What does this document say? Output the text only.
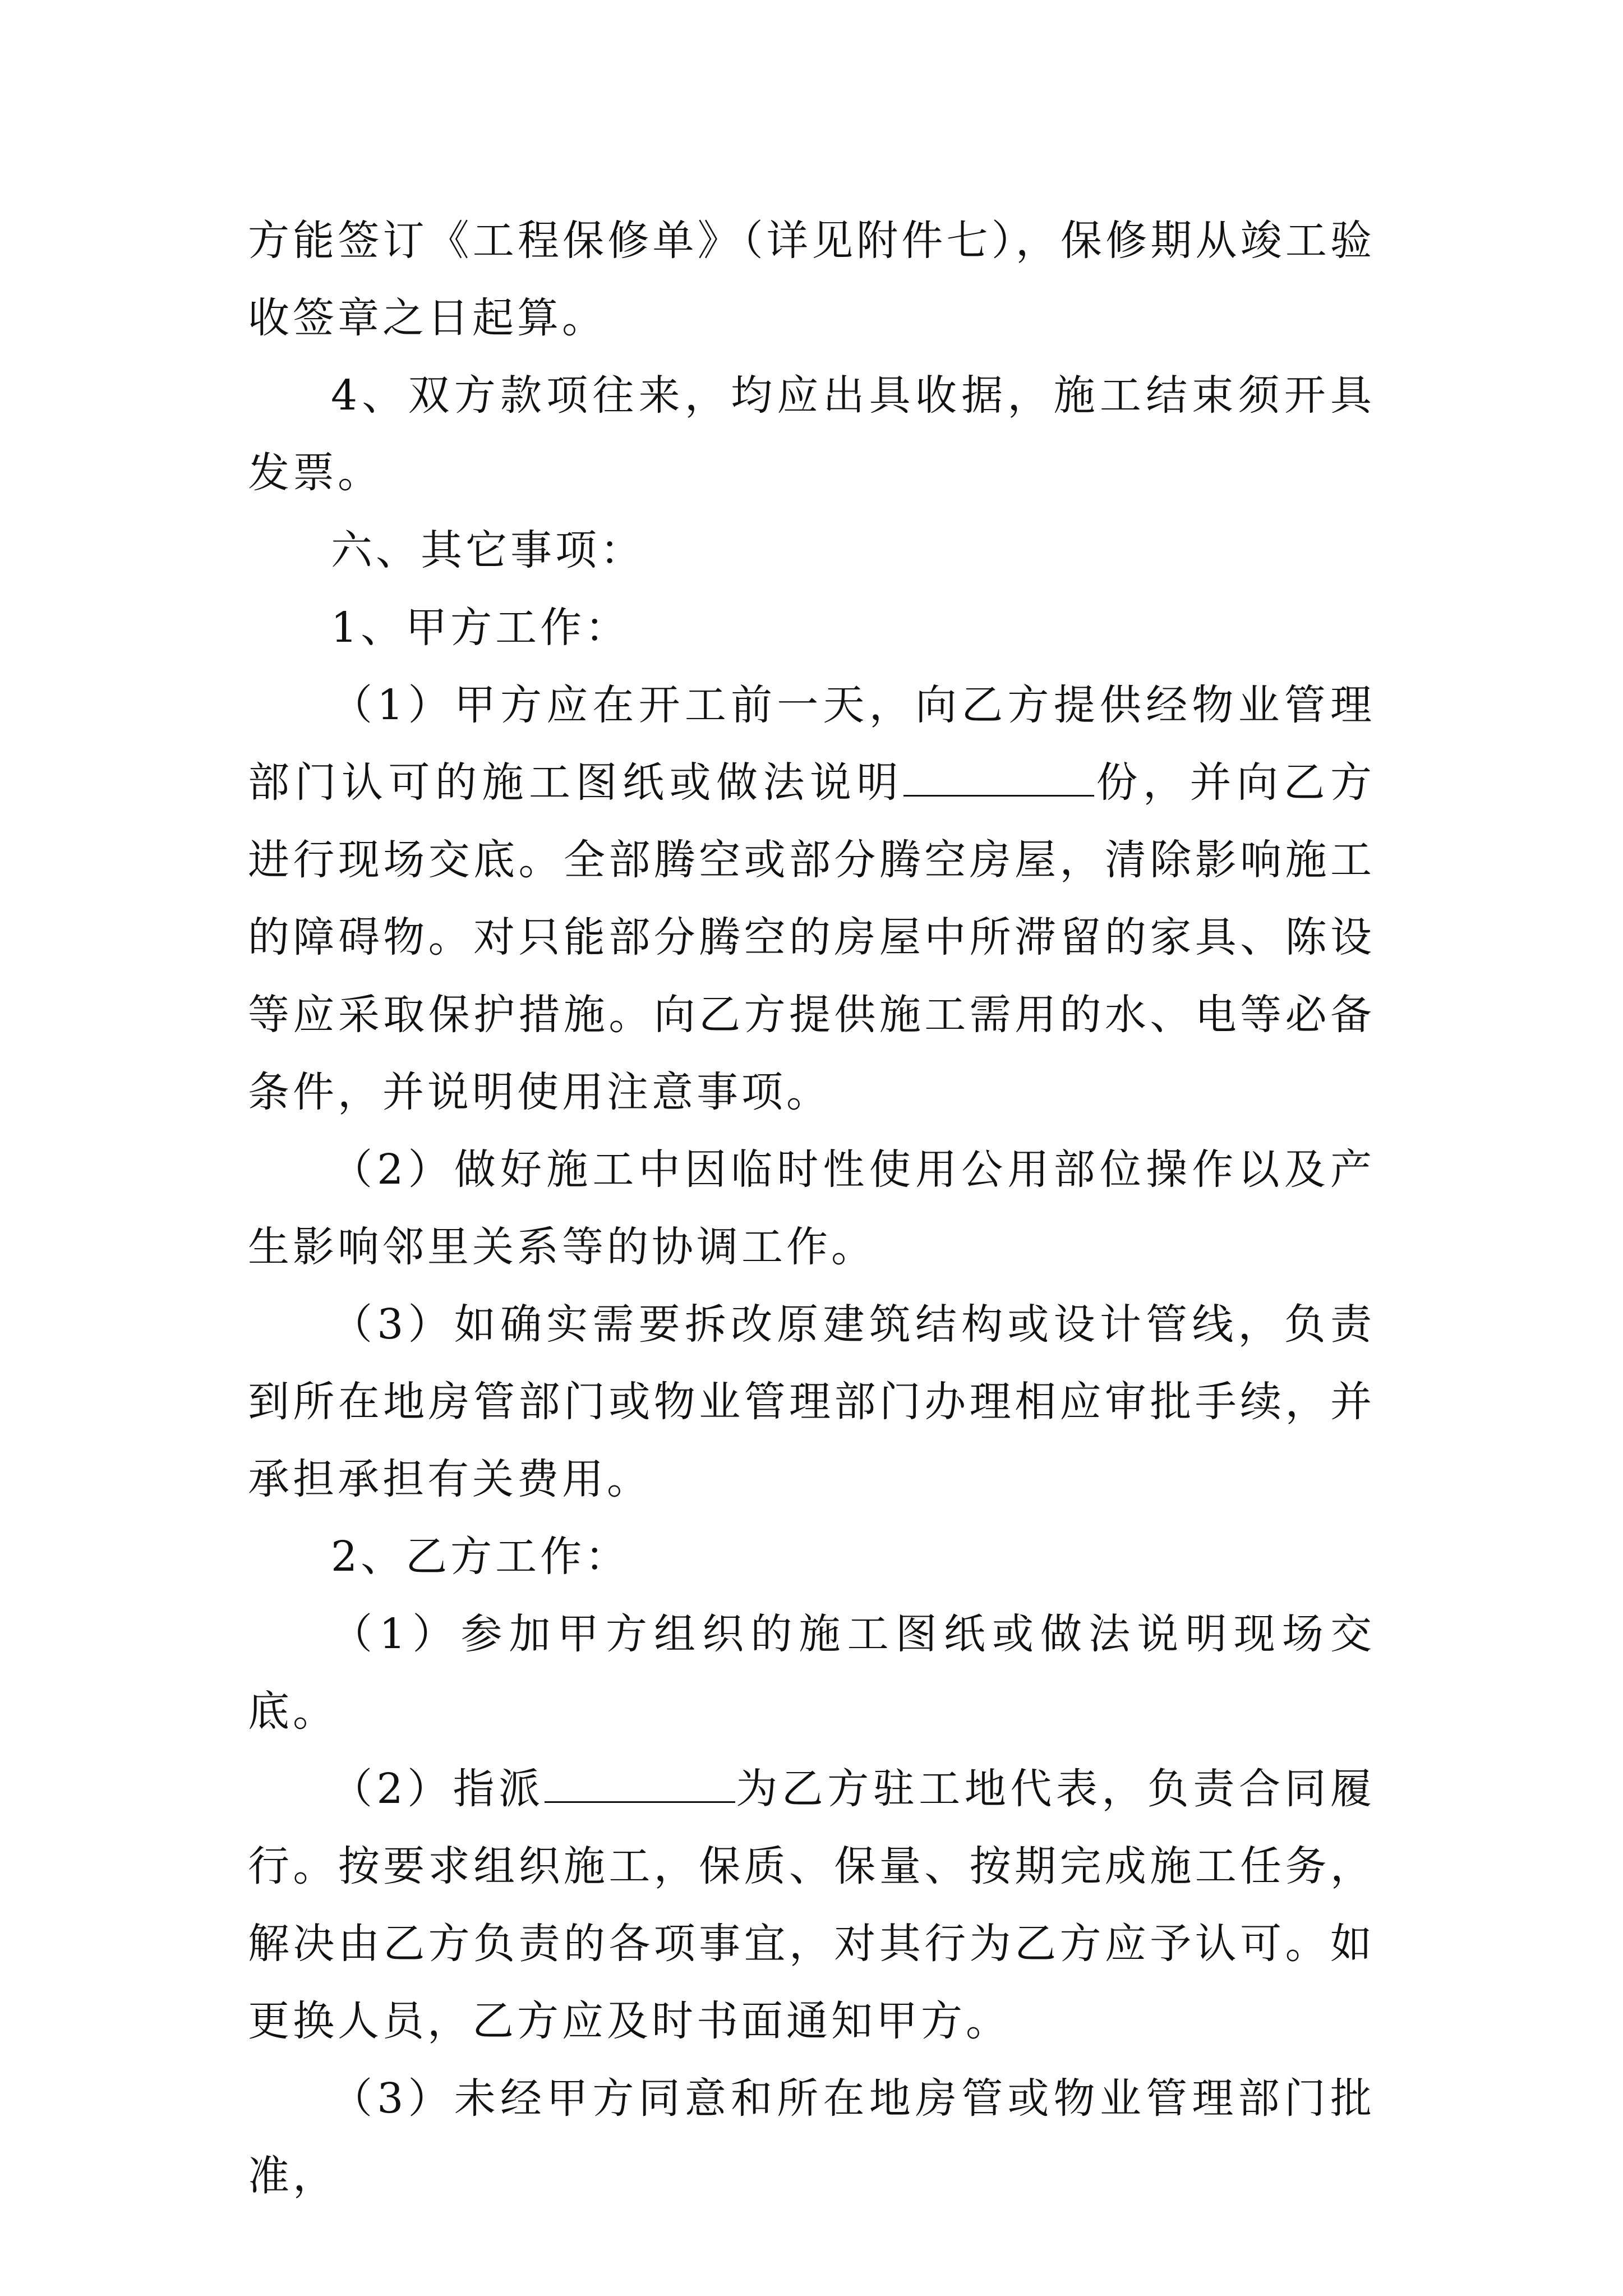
方能签订《工程保修单》（详见附件七），保修期从竣工验收签章之日起算。

4、双方款项往来，均应出具收据，施工结束须开具发票。

六、其它事项：

1、甲方工作：

（1）甲方应在开工前一天，向乙方提供经物业管理部门认可的施工图纸或做法说明	份，并向乙方进行现场交底。全部腾空或部分腾空房屋，清除影响施工的障碍物。对只能部分腾空的房屋中所滞留的家具、陈设等应采取保护措施。向乙方提供施工需用的水、电等必备条件，并说明使用注意事项。

（2）做好施工中因临时性使用公用部位操作以及产生影响邻里关系等的协调工作。

（3）如确实需要拆改原建筑结构或设计管线，负责到所在地房管部门或物业管理部门办理相应审批手续，并承担承担有关费用。

2、乙方工作：

（1）参加甲方组织的施工图纸或做法说明现场交底。

（2）指派	为乙方驻工地代表，负责合同履行。按要求组织施工，保质、保量、按期完成施工任务，解决由乙方负责的各项事宜，对其行为乙方应予认可。如更换人员，乙方应及时书面通知甲方。

（3）未经甲方同意和所在地房管或物业管理部门批准，
